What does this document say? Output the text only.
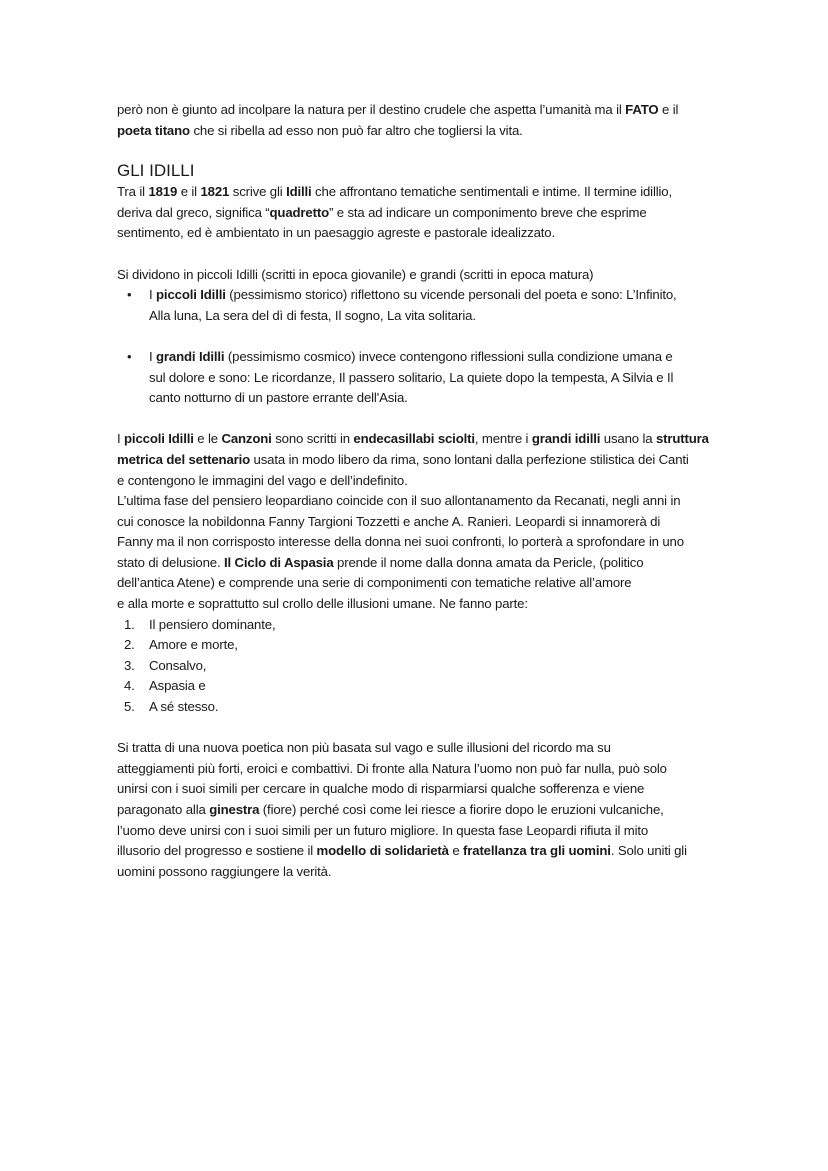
però non è giunto ad incolpare la natura per il destino crudele che aspetta l’umanità ma il FATO e il
poeta titano che si ribella ad esso non può far altro che togliersi la vita.
GLI IDILLI
Tra il 1819 e il 1821 scrive gli Idilli che affrontano tematiche sentimentali e intime. Il termine idillio,
deriva dal greco, significa “quadretto” e sta ad indicare un componimento breve che esprime
sentimento, ed è ambientato in un paesaggio agreste e pastorale idealizzato.
Si dividono in piccoli Idilli (scritti in epoca giovanile) e grandi (scritti in epoca matura)
• I piccoli Idilli (pessimismo storico) riflettono su vicende personali del poeta e sono: L’Infinito,
Alla luna, La sera del dì di festa, Il sogno, La vita solitaria.
• I grandi Idilli (pessimismo cosmico) invece contengono riflessioni sulla condizione umana e
sul dolore e sono: Le ricordanze, Il passero solitario, La quiete dopo la tempesta, A Silvia e Il
canto notturno di un pastore errante dell'Asia.
I piccoli Idilli e le Canzoni sono scritti in endecasillabi sciolti, mentre i grandi idilli usano la struttura
metrica del settenario usata in modo libero da rima, sono lontani dalla perfezione stilistica dei Canti
e contengono le immagini del vago e dell’indefinito.
L’ultima fase del pensiero leopardiano coincide con il suo allontanamento da Recanati, negli anni in
cui conosce la nobildonna Fanny Targioni Tozzetti e anche A. Ranieri. Leopardi si innamorerà di
Fanny ma il non corrisposto interesse della donna nei suoi confronti, lo porterà a sprofondare in uno
stato di delusione. Il Ciclo di Aspasia prende il nome dalla donna amata da Pericle, (politico
dell’antica Atene) e comprende una serie di componimenti con tematiche relative all’amore
e alla morte e soprattutto sul crollo delle illusioni umane. Ne fanno parte:
1. Il pensiero dominante,
2. Amore e morte,
3. Consalvo,
4. Aspasia e
5. A sé stesso.
Si tratta di una nuova poetica non più basata sul vago e sulle illusioni del ricordo ma su
atteggiamenti più forti, eroici e combattivi. Di fronte alla Natura l’uomo non può far nulla, può solo
unirsi con i suoi simili per cercare in qualche modo di risparmiarsi qualche sofferenza e viene
paragonato alla ginestra (fiore) perché così come lei riesce a fiorire dopo le eruzioni vulcaniche,
l’uomo deve unirsi con i suoi simili per un futuro migliore. In questa fase Leopardi rifiuta il mito
illusorio del progresso e sostiene il modello di solidarietà e fratellanza tra gli uomini. Solo uniti gli
uomini possono raggiungere la verità.
